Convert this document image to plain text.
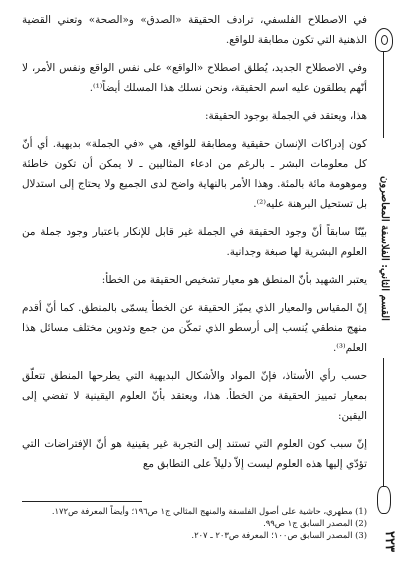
القسم الثاني: الفلاسفة المعاصرون
٢٢٣

في الاصطلاح الفلسفي، ترادف الحقيقة «الصدق» و«الصحة» وتعني القضية الذهنية التي تكون مطابقة للواقع.

وفي الاصطلاح الجديد، يُطلق اصطلاح «الواقع» على نفس الواقع ونفس الأمر، لا أنّهم يطلقون عليه اسم الحقيقة، ونحن نسلك هذا المسلك أيضاً⁽¹⁾.

هذا، ويعتقد في الجملة بوجود الحقيقة:

كون إدراكات الإنسان حقيقية ومطابقة للواقع، هي «في الجملة» بديهية. أي أنّ كل معلومات البشر ـ بالرغم من ادعاء المثاليين ـ لا يمكن أن تكون خاطئة وموهومة مائة بالمئة. وهذا الأمر بالنهاية واضح لدى الجميع ولا يحتاج إلى استدلال بل تستحيل البرهنة عليه⁽²⁾.

بيّنّا سابقاً أنّ وجود الحقيقة في الجملة غير قابل للإنكار باعتبار وجود جملة من العلوم البشرية لها صبغة وجدانية.

يعتبر الشهيد بأنّ المنطق هو معيار تشخيص الحقيقة من الخطأ:

إنّ المقياس والمعيار الذي يميّز الحقيقة عن الخطأ يسمّى بالمنطق. كما أنّ أقدم منهج منطقي يُنسب إلى أرسطو الذي تمكّن من جمع وتدوين مختلف مسائل هذا العلم⁽³⁾.

حسب رأي الأستاذ، فإنّ المواد والأشكال البديهية التي يطرحها المنطق تتعلّق بمعيار تمييز الحقيقة من الخطأ. هذا، ويعتقد بأنّ العلوم اليقينية لا تفضي إلى اليقين:

إنّ سبب كون العلوم التي تستند إلى التجربة غير يقينية هو أنّ الإفتراضات التي تؤدّي إليها هذه العلوم ليست إلاّ دليلاً على التطابق مع

(1) مطهري، حاشية على أصول الفلسفة والمنهج المثالي ج١ ص١٩٦؛ وأيضاً المعرفة ص١٧٢.

(2) المصدر السابق ج١ ص٩٩.

(3) المصدر السابق ص١٠٠؛ المعرفة ص٢٠٣ ـ ٢٠٧.
